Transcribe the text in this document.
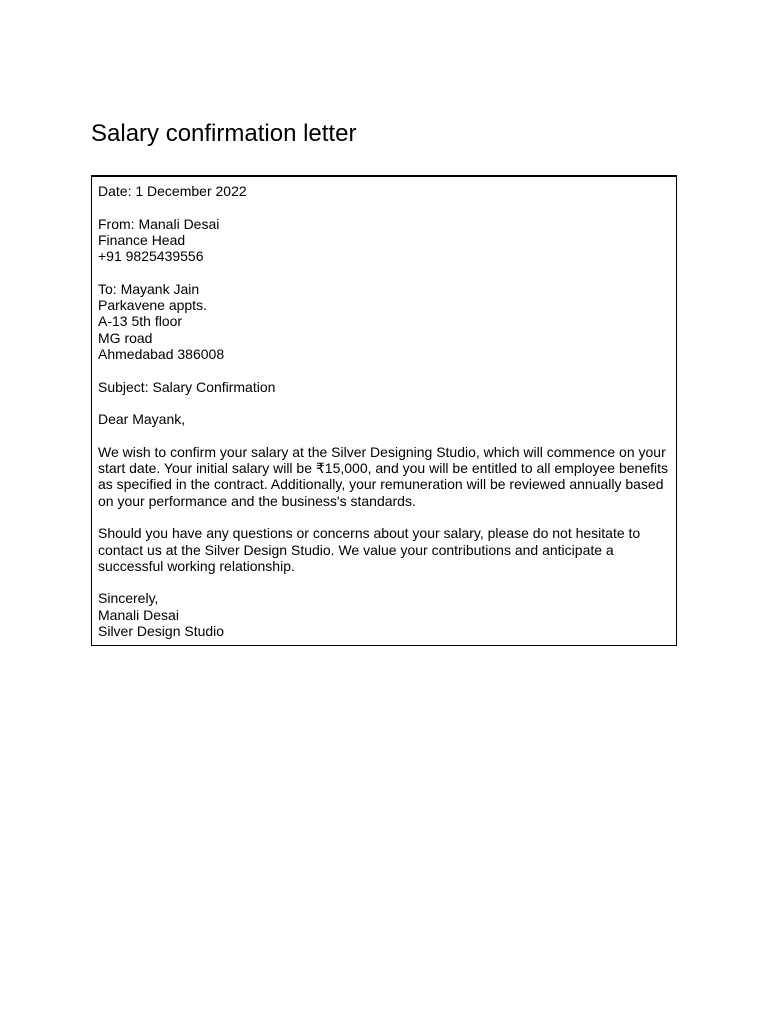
Salary confirmation letter
Date: 1 December 2022
From: Manali Desai
Finance Head
+91 9825439556
To: Mayank Jain
Parkavene appts.
A-13 5th floor
MG road
Ahmedabad 386008
Subject: Salary Confirmation
Dear Mayank,
We wish to confirm your salary at the Silver Designing Studio, which will commence on your
start date. Your initial salary will be ₹15,000, and you will be entitled to all employee benefits
as specified in the contract. Additionally, your remuneration will be reviewed annually based
on your performance and the business's standards.
Should you have any questions or concerns about your salary, please do not hesitate to
contact us at the Silver Design Studio. We value your contributions and anticipate a
successful working relationship.
Sincerely,
Manali Desai
Silver Design Studio
